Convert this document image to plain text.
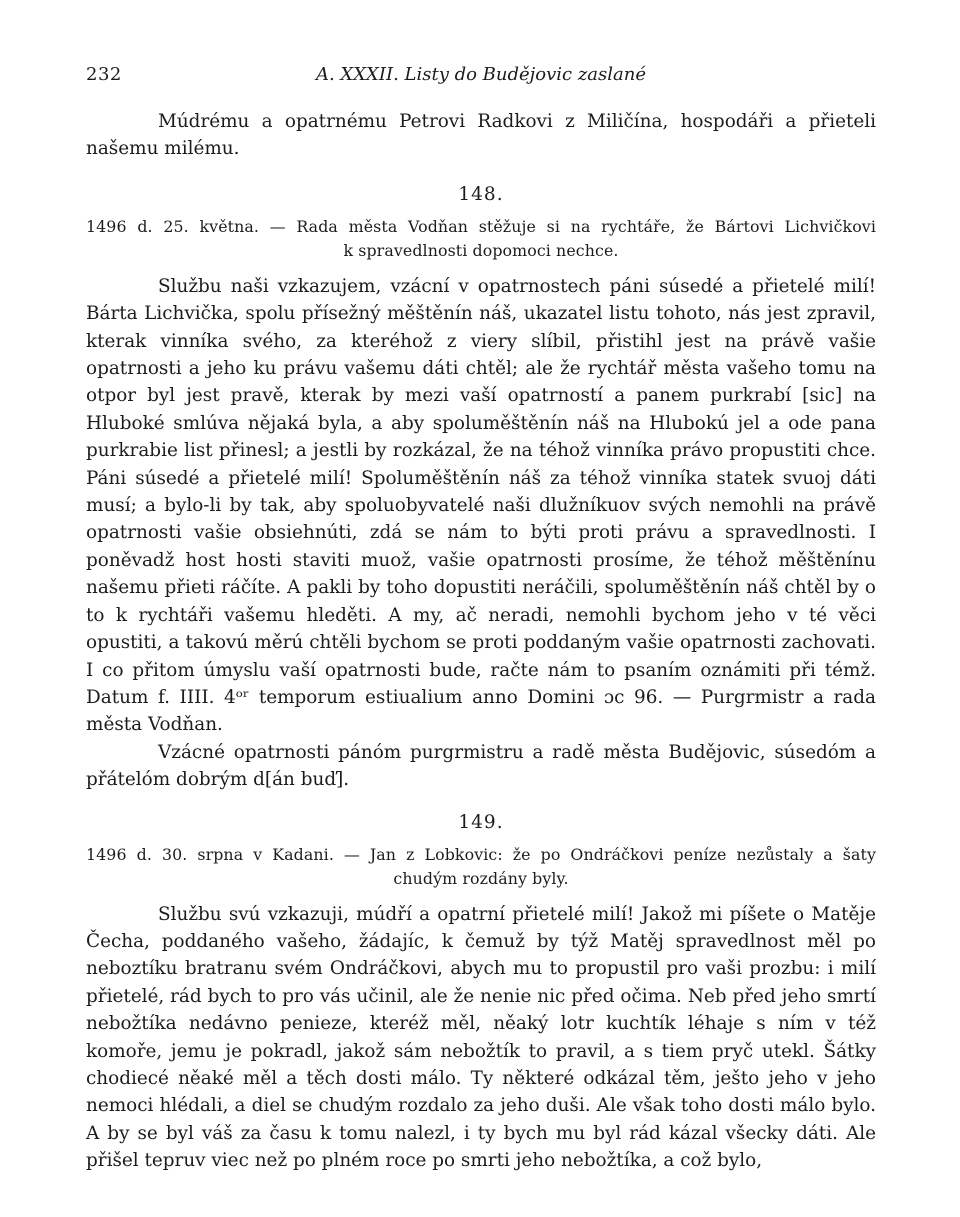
232	A. XXXII. Listy do Budějovic zaslané

Múdrému a opatrnému Petrovi Radkovi z Miličína, hospodáři a přieteli našemu milému.

148.
1496 d. 25. května. — Rada města Vodňan stěžuje si na rychtáře, že Bártovi Lichvičkovi
k spravedlnosti dopomoci nechce.

Službu naši vzkazujem, vzácní v opatrnostech páni súsedé a přietelé milí! Bárta Lichvička, spolu přísežný měštěnín náš, ukazatel listu tohoto, nás jest zpravil, kterak vinníka svého, za kteréhož z viery slíbil, přistihl jest na právě vašie opatrnosti a jeho ku právu vašemu dáti chtěl; ale že rychtář města vašeho tomu na otpor byl jest pravě, kterak by mezi vaší opatrností a panem purkrabí [sic] na Hluboké smlúva nějaká byla, a aby spoluměštěnín náš na Hlubokú jel a ode pana purkrabie list přinesl; a jestli by rozkázal, že na téhož vinníka právo propustiti chce. Páni súsedé a přietelé milí! Spoluměštěnín náš za téhož vinníka statek svuoj dáti musí; a bylo-li by tak, aby spoluobyvatelé naši dlužníkuov svých nemohli na právě opatrnosti vašie obsiehnúti, zdá se nám to býti proti právu a spravedlnosti. I poněvadž host hosti staviti muož, vašie opatrnosti prosíme, že téhož měštěnínu našemu přieti ráčíte. A pakli by toho dopustiti neráčili, spoluměštěnín náš chtěl by o to k rychtáři vašemu hleděti. A my, ač neradi, nemohli bychom jeho v té věci opustiti, a takovú měrú chtěli bychom se proti poddaným vašie opatrnosti zachovati. I co přitom úmyslu vaší opatrnosti bude, račte nám to psaním oznámiti při témž. Datum f. IIII. 4ᵒʳ temporum estiualium anno Domini ɔc 96. — Purgrmistr a rada města Vodňan.

Vzácné opatrnosti pánóm purgrmistru a radě města Budějovic, súsedóm a přátelóm dobrým d[án buď].

149.
1496 d. 30. srpna v Kadani. — Jan z Lobkovic: že po Ondráčkovi peníze nezůstaly a šaty
chudým rozdány byly.

Službu svú vzkazuji, múdří a opatrní přietelé milí! Jakož mi píšete o Matěje Čecha, poddaného vašeho, žádajíc, k čemuž by týž Matěj spravedlnost měl po neboztíku bratranu svém Ondráčkovi, abych mu to propustil pro vaši prozbu: i milí přietelé, rád bych to pro vás učinil, ale že nenie nic před očima. Neb před jeho smrtí nebožtíka nedávno penieze, kteréž měl, něaký lotr kuchtík léhaje s ním v též komoře, jemu je pokradl, jakož sám nebožtík to pravil, a s tiem pryč utekl. Šátky chodiecé něaké měl a těch dosti málo. Ty některé odkázal těm, ješto jeho v jeho nemoci hlédali, a diel se chudým rozdalo za jeho duši. Ale však toho dosti málo bylo. A by se byl váš za času k tomu nalezl, i ty bych mu byl rád kázal všecky dáti. Ale přišel tepruv viec než po plném roce po smrti jeho nebožtíka, a což bylo,
